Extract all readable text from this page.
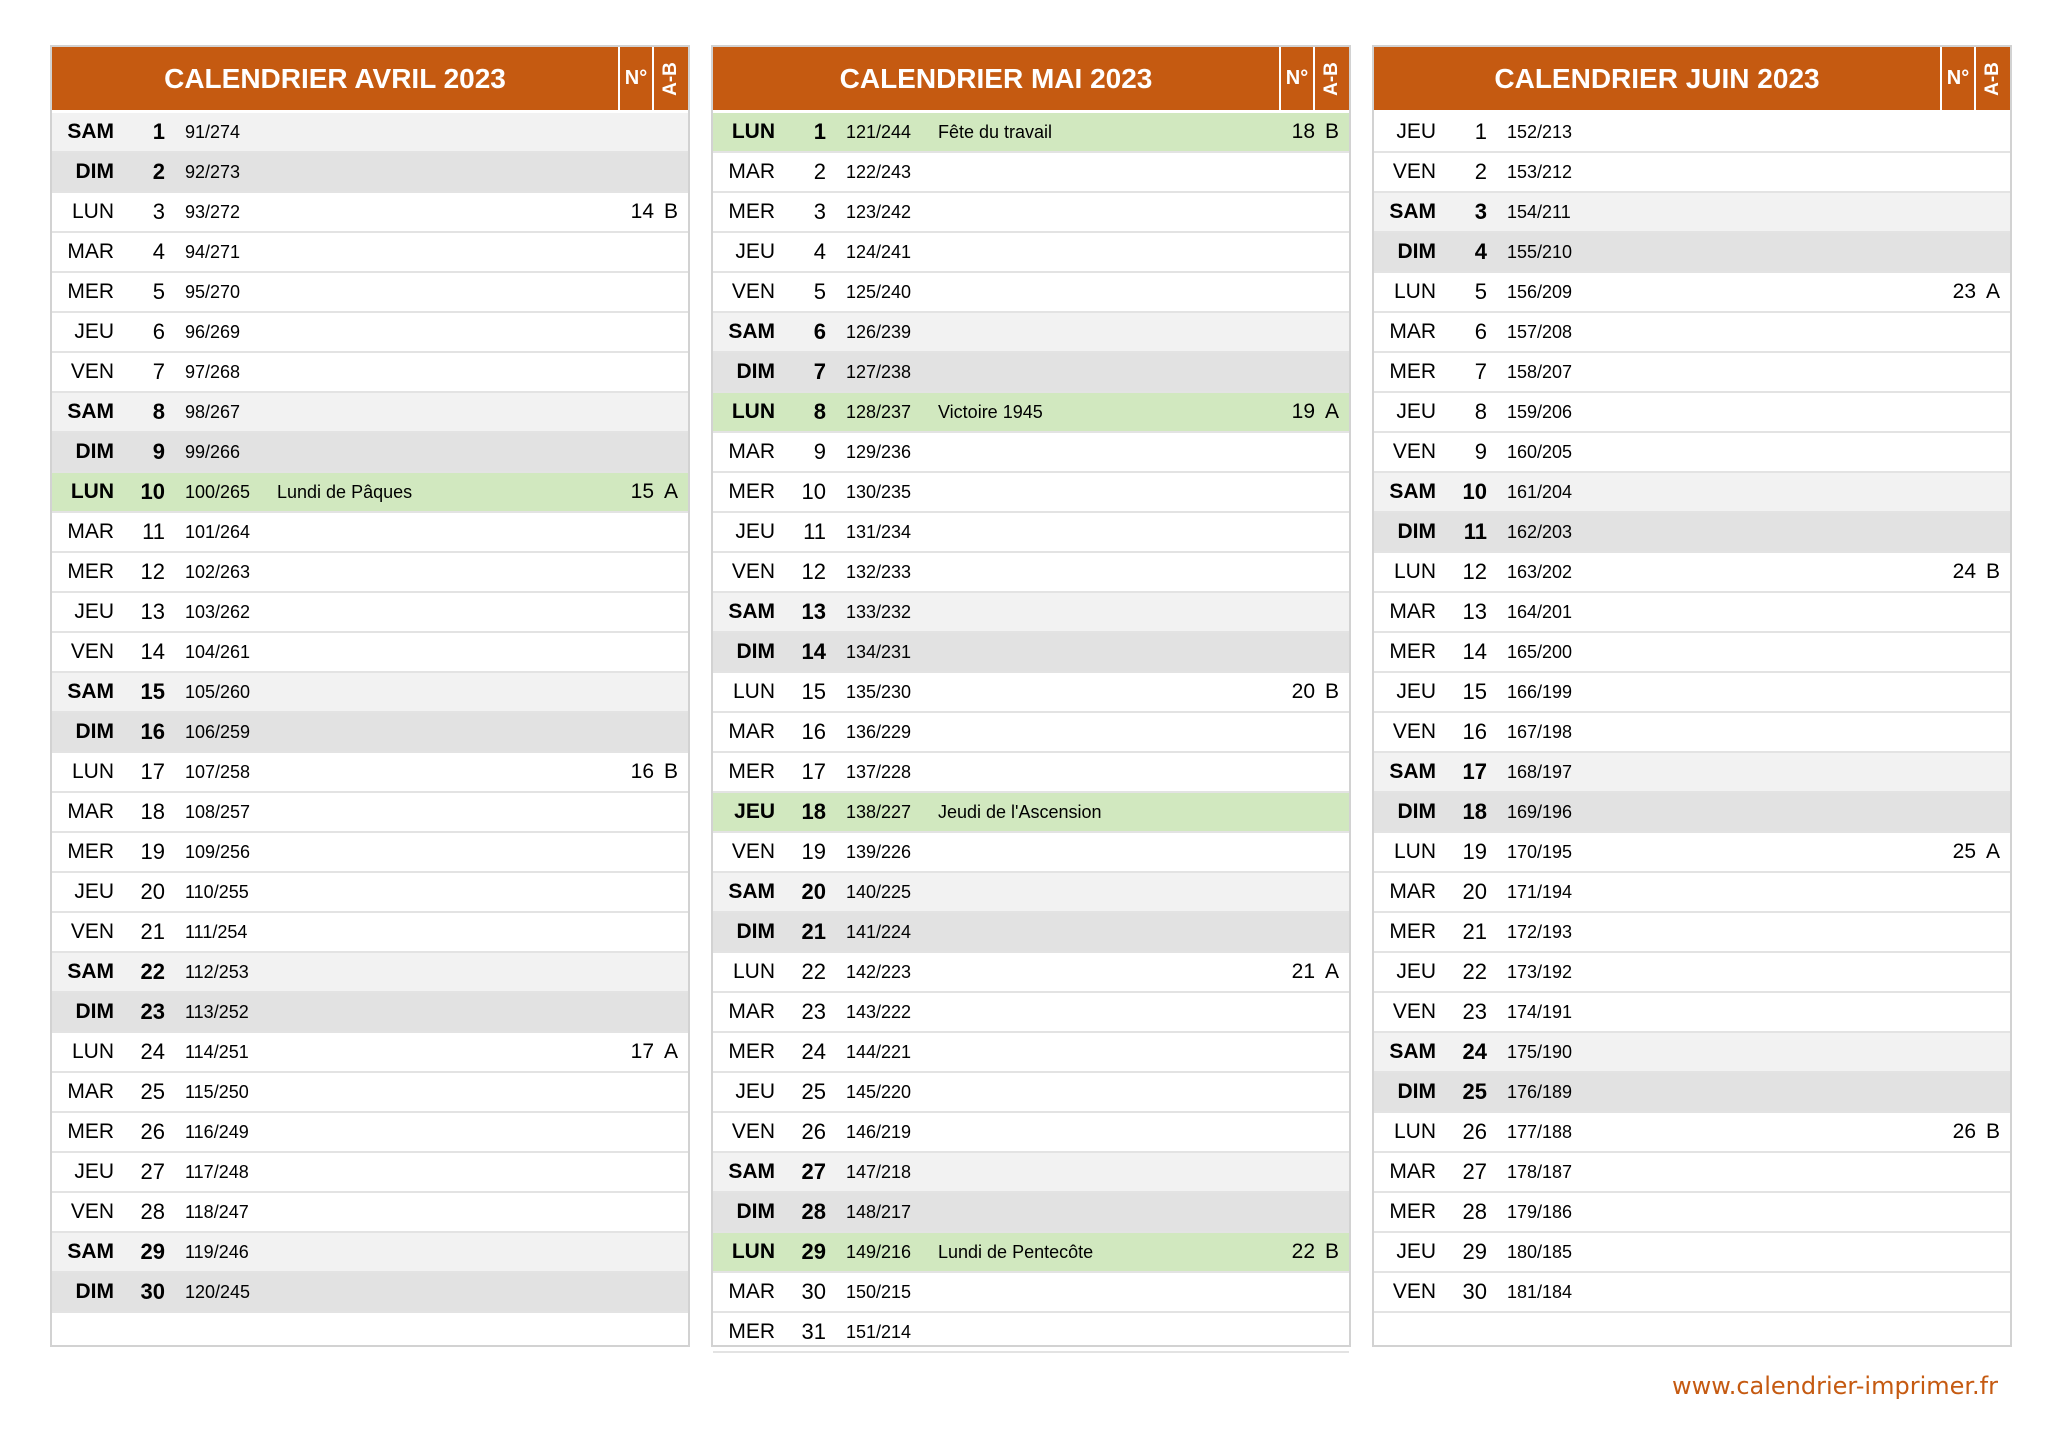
CALENDRIER AVRIL 2023	N° A-B
SAM	1	91/274
DIM	2	92/273
LUN	3	93/272	14 B
MAR	4	94/271
MER	5	95/270
JEU	6	96/269
VEN	7	97/268
SAM	8	98/267
DIM	9	99/266
LUN	10	100/265	Lundi de Pâques	15 A
MAR	11	101/264
MER	12	102/263
JEU	13	103/262
VEN	14	104/261
SAM	15	105/260
DIM	16	106/259
LUN	17	107/258	16 B
MAR	18	108/257
MER	19	109/256
JEU	20	110/255
VEN	21	111/254
SAM	22	112/253
DIM	23	113/252
LUN	24	114/251	17 A
MAR	25	115/250
MER	26	116/249
JEU	27	117/248
VEN	28	118/247
SAM	29	119/246
DIM	30	120/245
CALENDRIER MAI 2023	N° A-B
LUN	1	121/244	Fête du travail	18 B
MAR	2	122/243
MER	3	123/242
JEU	4	124/241
VEN	5	125/240
SAM	6	126/239
DIM	7	127/238
LUN	8	128/237	Victoire 1945	19 A
MAR	9	129/236
MER	10	130/235
JEU	11	131/234
VEN	12	132/233
SAM	13	133/232
DIM	14	134/231
LUN	15	135/230	20 B
MAR	16	136/229
MER	17	137/228
JEU	18	138/227	Jeudi de l'Ascension
VEN	19	139/226
SAM	20	140/225
DIM	21	141/224
LUN	22	142/223	21 A
MAR	23	143/222
MER	24	144/221
JEU	25	145/220
VEN	26	146/219
SAM	27	147/218
DIM	28	148/217
LUN	29	149/216	Lundi de Pentecôte	22 B
MAR	30	150/215
MER	31	151/214
CALENDRIER JUIN 2023	N° A-B
JEU	1	152/213
VEN	2	153/212
SAM	3	154/211
DIM	4	155/210
LUN	5	156/209	23 A
MAR	6	157/208
MER	7	158/207
JEU	8	159/206
VEN	9	160/205
SAM	10	161/204
DIM	11	162/203
LUN	12	163/202	24 B
MAR	13	164/201
MER	14	165/200
JEU	15	166/199
VEN	16	167/198
SAM	17	168/197
DIM	18	169/196
LUN	19	170/195	25 A
MAR	20	171/194
MER	21	172/193
JEU	22	173/192
VEN	23	174/191
SAM	24	175/190
DIM	25	176/189
LUN	26	177/188	26 B
MAR	27	178/187
MER	28	179/186
JEU	29	180/185
VEN	30	181/184
www.calendrier-imprimer.fr
